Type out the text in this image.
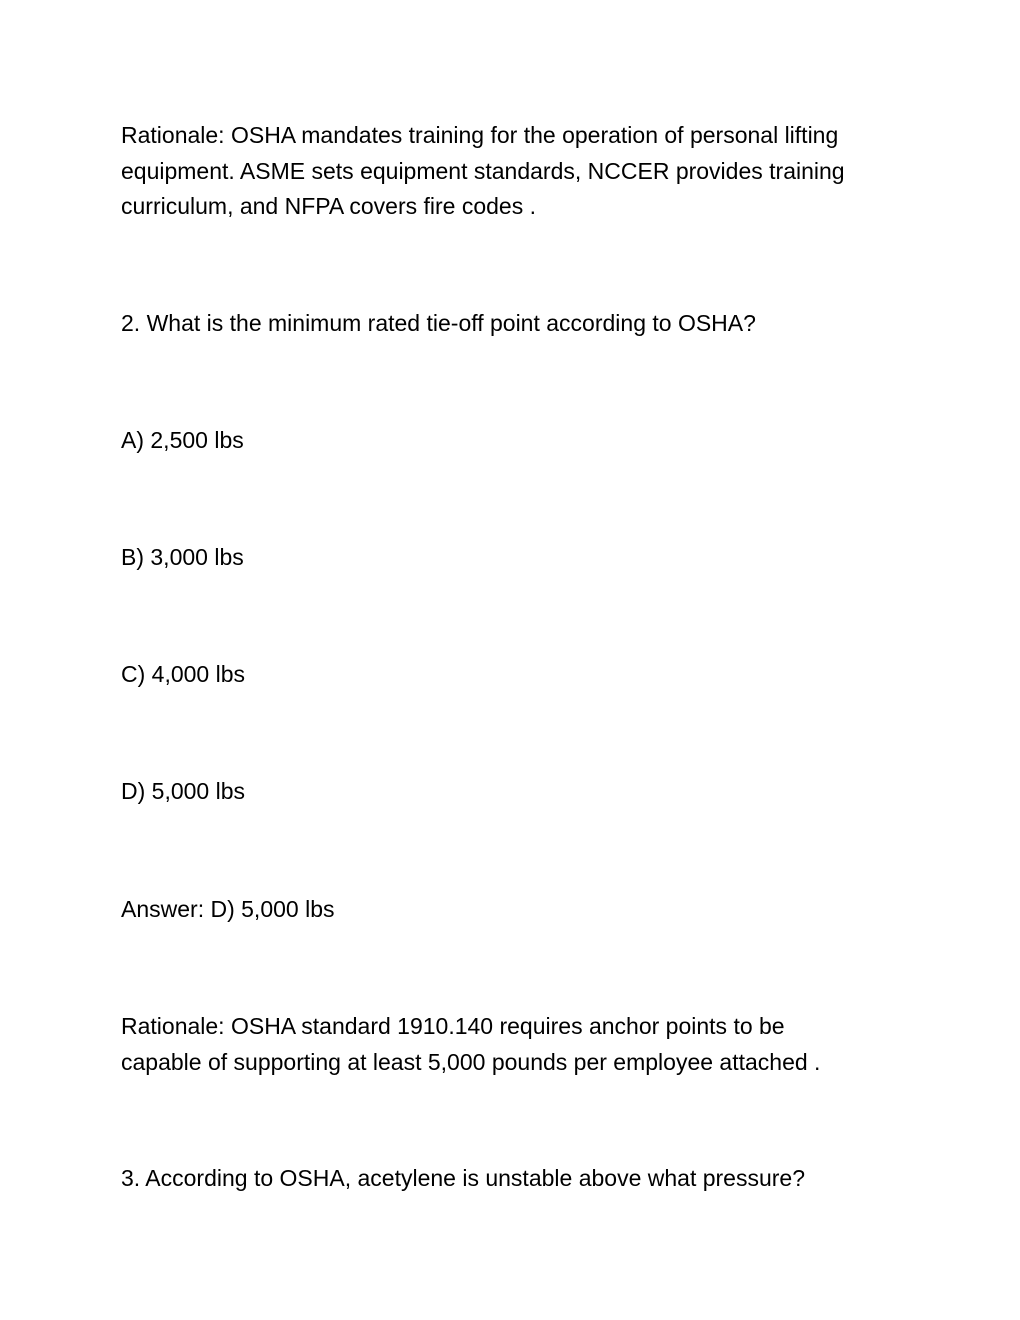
Rationale: OSHA mandates training for the operation of personal lifting
equipment. ASME sets equipment standards, NCCER provides training
curriculum, and NFPA covers fire codes .

2. What is the minimum rated tie-off point according to OSHA?

A) 2,500 lbs

B) 3,000 lbs

C) 4,000 lbs

D) 5,000 lbs

Answer: D) 5,000 lbs

Rationale: OSHA standard 1910.140 requires anchor points to be
capable of supporting at least 5,000 pounds per employee attached .

3. According to OSHA, acetylene is unstable above what pressure?
